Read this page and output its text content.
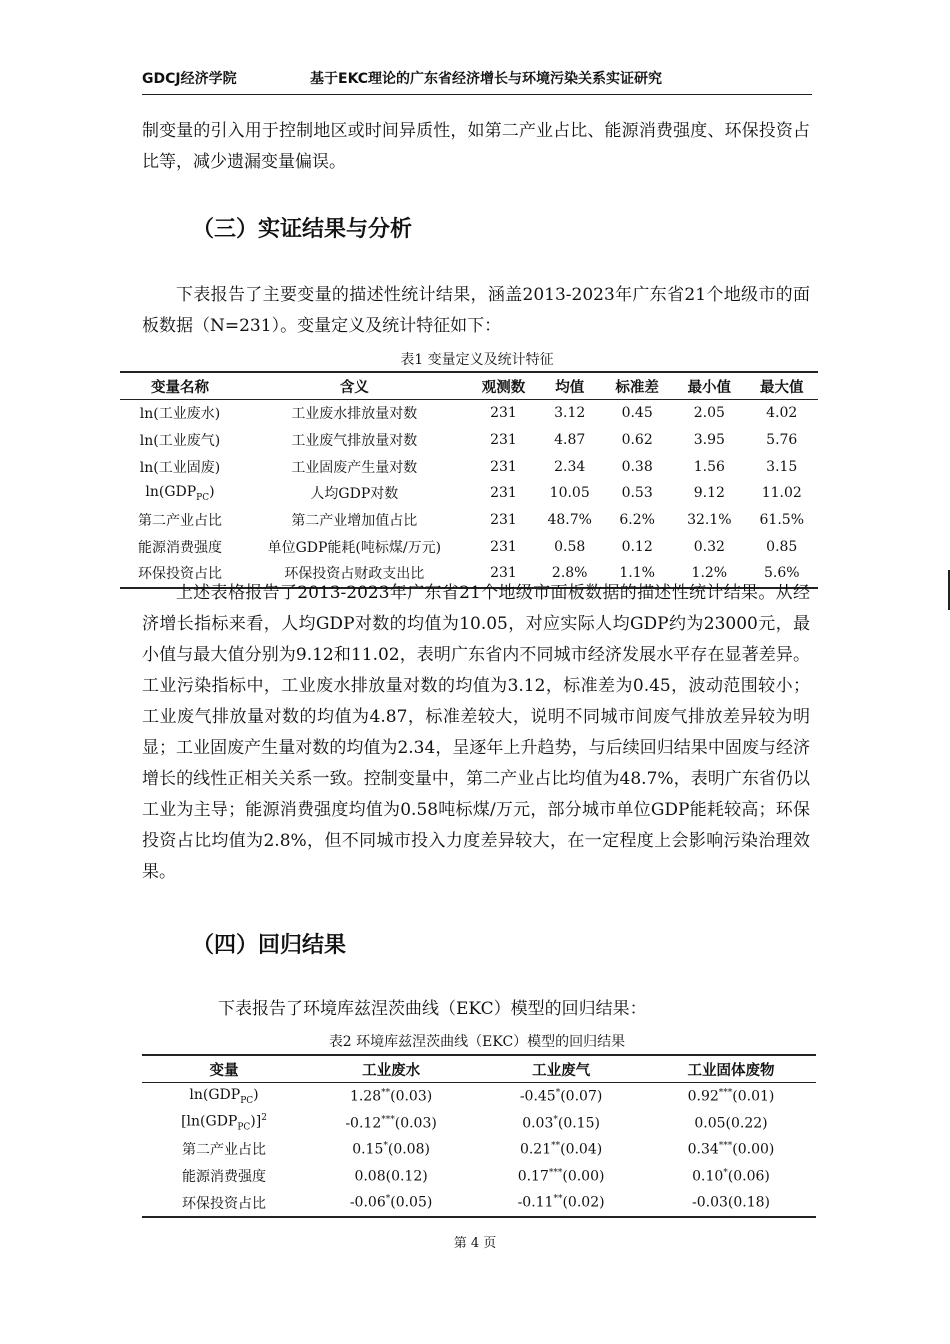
GDCJ经济学院	基于EKC理论的广东省经济增长与环境污染关系实证研究

制变量的引入用于控制地区或时间异质性，如第二产业占比、能源消费强度、环保投资占比等，减少遗漏变量偏误。

（三）实证结果与分析

下表报告了主要变量的描述性统计结果，涵盖2013-2023年广东省21个地级市的面板数据（N=231）。变量定义及统计特征如下：

表1 变量定义及统计特征

变量名称	含义	观测数	均值	标准差	最小值	最大值
ln(工业废水)	工业废水排放量对数	231	3.12	0.45	2.05	4.02
ln(工业废气)	工业废气排放量对数	231	4.87	0.62	3.95	5.76
ln(工业固废)	工业固废产生量对数	231	2.34	0.38	1.56	3.15
$\ln(GDP_{PC})$	人均GDP对数	231	10.05	0.53	9.12	11.02
第二产业占比	第二产业增加值占比	231	48.7%	6.2%	32.1%	61.5%
能源消费强度	单位GDP能耗(吨标煤/万元)	231	0.58	0.12	0.32	0.85
环保投资占比	环保投资占财政支出比	231	2.8%	1.1%	1.2%	5.6%

上述表格报告了2013-2023年广东省21个地级市面板数据的描述性统计结果。从经济增长指标来看，人均GDP对数的均值为10.05，对应实际人均GDP约为23000元，最小值与最大值分别为9.12和11.02，表明广东省内不同城市经济发展水平存在显著差异。工业污染指标中，工业废水排放量对数的均值为3.12，标准差为0.45，波动范围较小；工业废气排放量对数的均值为4.87，标准差较大，说明不同城市间废气排放差异较为明显；工业固废产生量对数的均值为2.34，呈逐年上升趋势，与后续回归结果中固废与经济增长的线性正相关关系一致。控制变量中，第二产业占比均值为48.7%，表明广东省仍以工业为主导；能源消费强度均值为0.58吨标煤/万元，部分城市单位GDP能耗较高；环保投资占比均值为2.8%，但不同城市投入力度差异较大，在一定程度上会影响污染治理效果。

（四）回归结果

下表报告了环境库兹涅茨曲线（EKC）模型的回归结果：

表2 环境库兹涅茨曲线（EKC）模型的回归结果

变量	工业废水	工业废气	工业固体废物
$\ln(GDP_{PC})$	1.28**(0.03)	-0.45*(0.07)	0.92***(0.01)
$[\ln(GDP_{PC})]^2$	-0.12***(0.03)	0.03*(0.15)	0.05(0.22)
第二产业占比	0.15*(0.08)	0.21**(0.04)	0.34***(0.00)
能源消费强度	0.08(0.12)	0.17***(0.00)	0.10*(0.06)
环保投资占比	-0.06*(0.05)	-0.11**(0.02)	-0.03(0.18)
第 4 页
